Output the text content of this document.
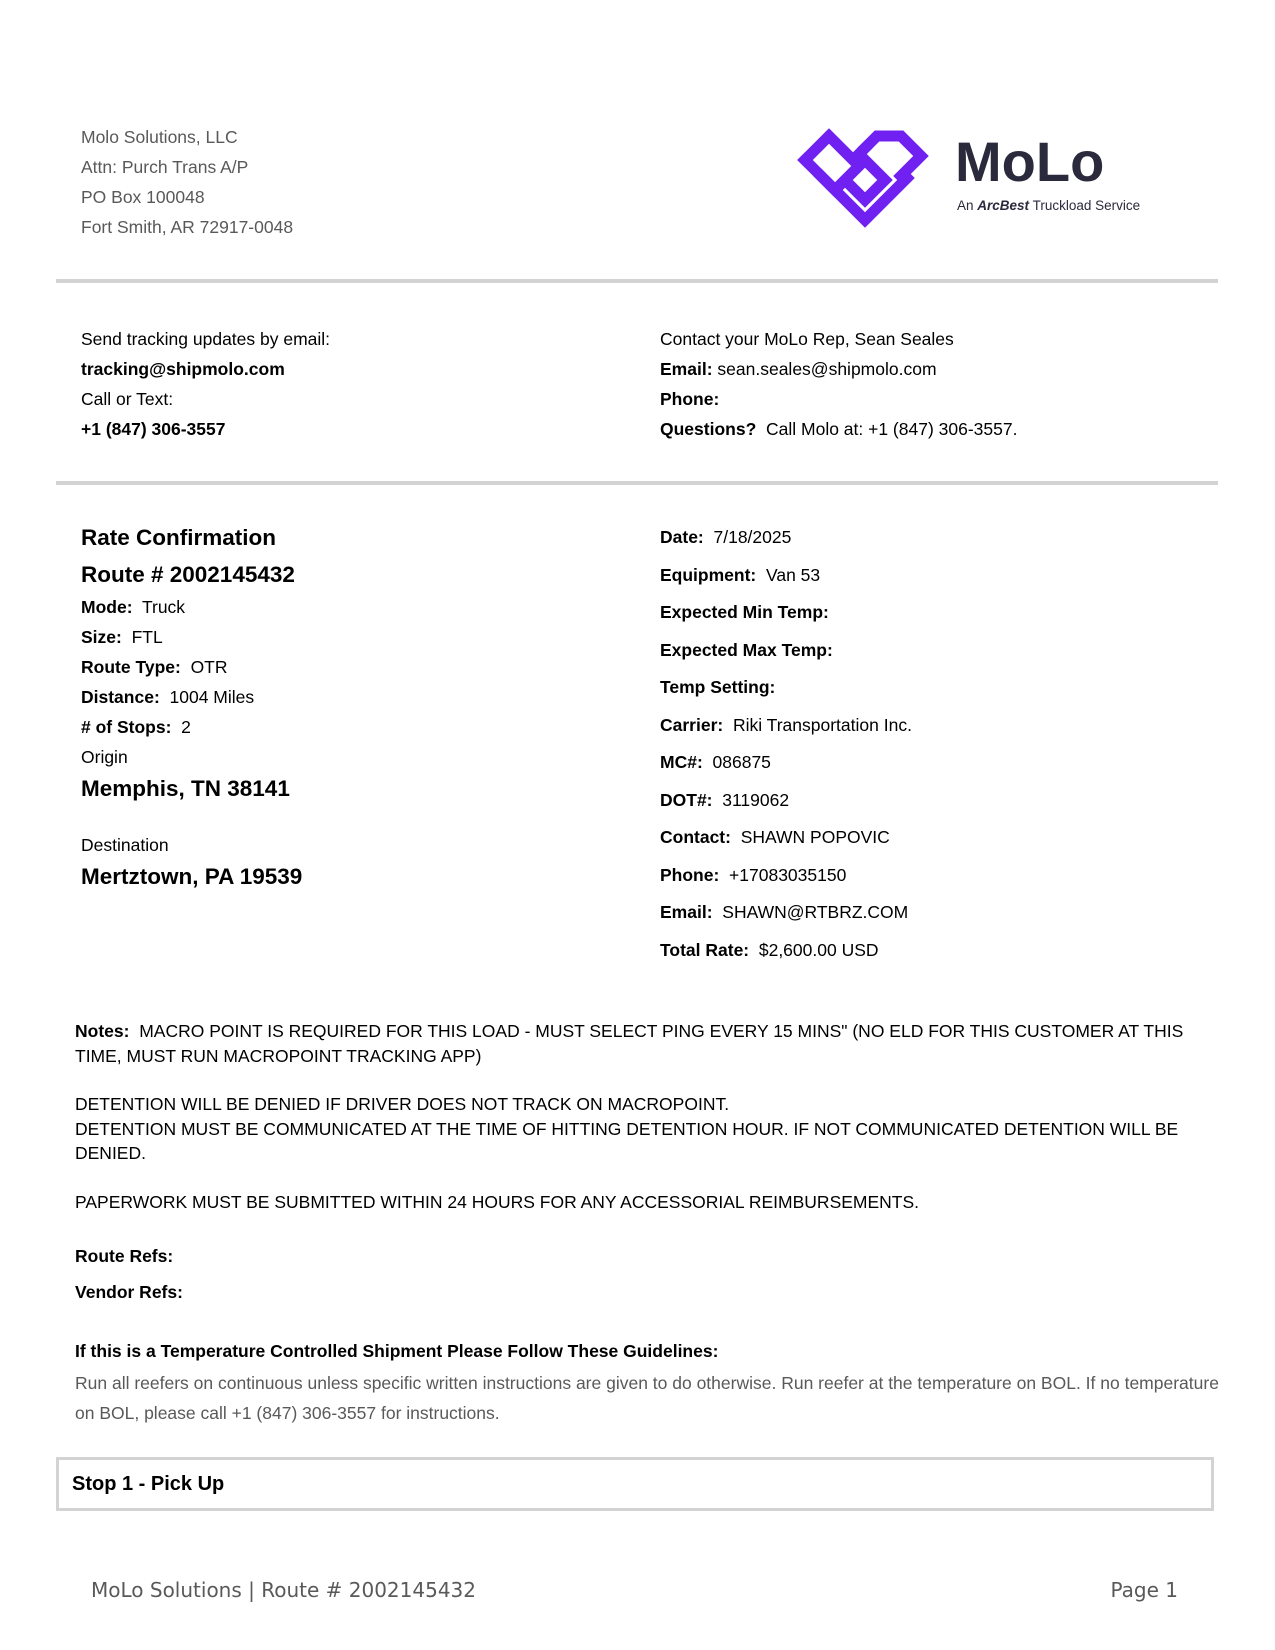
Molo Solutions, LLC
Attn: Purch Trans A/P
PO Box 100048
Fort Smith, AR 72917-0048
MoLo
An ArcBest Truckload Service
Send tracking updates by email:
tracking@shipmolo.com
Call or Text:
+1 (847) 306-3557
Contact your MoLo Rep, Sean Seales
Email: sean.seales@shipmolo.com
Phone:
Questions? Call Molo at: +1 (847) 306-3557.
Rate Confirmation
Route # 2002145432
Mode: Truck
Size: FTL
Route Type: OTR
Distance: 1004 Miles
# of Stops: 2
Origin
Memphis, TN 38141
Destination
Mertztown, PA 19539
Date: 7/18/2025
Equipment: Van 53
Expected Min Temp:
Expected Max Temp:
Temp Setting:
Carrier: Riki Transportation Inc.
MC#: 086875
DOT#: 3119062
Contact: SHAWN POPOVIC
Phone: +17083035150
Email: SHAWN@RTBRZ.COM
Total Rate: $2,600.00 USD

Notes: MACRO POINT IS REQUIRED FOR THIS LOAD - MUST SELECT PING EVERY 15 MINS" (NO ELD FOR THIS CUSTOMER AT THIS TIME, MUST RUN MACROPOINT TRACKING APP)

DETENTION WILL BE DENIED IF DRIVER DOES NOT TRACK ON MACROPOINT.
DETENTION MUST BE COMMUNICATED AT THE TIME OF HITTING DETENTION HOUR. IF NOT COMMUNICATED DETENTION WILL BE DENIED.

PAPERWORK MUST BE SUBMITTED WITHIN 24 HOURS FOR ANY ACCESSORIAL REIMBURSEMENTS.

Route Refs:
Vendor Refs:
If this is a Temperature Controlled Shipment Please Follow These Guidelines:
Run all reefers on continuous unless specific written instructions are given to do otherwise. Run reefer at the temperature on BOL. If no temperature on BOL, please call +1 (847) 306-3557 for instructions.
Stop 1 - Pick Up
MoLo Solutions | Route # 2002145432	Page 1
